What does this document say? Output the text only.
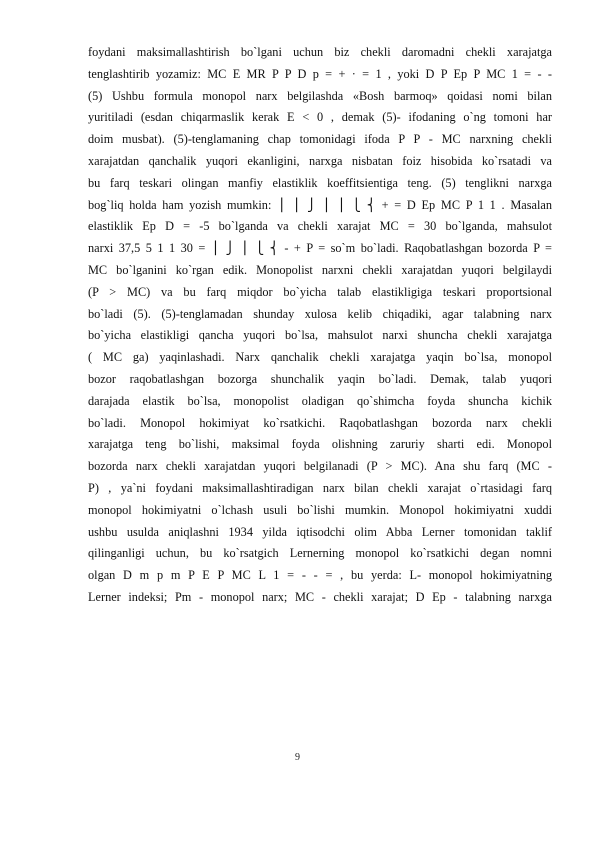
foydani maksimallashtirish bo`lgani uchun biz chekli daromadni chekli xarajatga
tenglashtirib yozamiz: MC E MR P P D p = + · = 1 , yoki D P Ep P MC 1 = - -
(5) Ushbu formula monopol narx belgilashda «Bosh barmoq» qoidasi nomi bilan
yuritiladi (esdan chiqarmaslik kerak E < 0 , demak (5)- ifodaning o`ng tomoni har
doim musbat). (5)-tenglamaning chap tomonidagi ifoda P P - MC narxning chekli
xarajatdan qanchalik yuqori ekanligini, narxga nisbatan foiz hisobida ko`rsatadi va
bu farq teskari olingan manfiy elastiklik koeffitsientiga teng. (5) tenglikni narxga
bog`liq holda ham yozish mumkin: ⎪ ⎪ ⎭ ⎪ ⎪ ⎩ ⎨ + = D Ep MC P 1 1 . Masalan
elastiklik Ep D = -5 bo`lganda va chekli xarajat MC = 30 bo`lganda, mahsulot
narxi 37,5 5 1 1 30 = ⎪ ⎭ ⎪ ⎩ ⎨ - + P = so`m bo`ladi. Raqobatlashgan bozorda P =
MC bo`lganini ko`rgan edik. Monopolist narxni chekli xarajatdan yuqori belgilaydi
(P > MC) va bu farq miqdor bo`yicha talab elastikligiga teskari proportsional
bo`ladi (5). (5)-tenglamadan shunday xulosa kelib chiqadiki, agar talabning narx
bo`yicha elastikligi qancha yuqori bo`lsa, mahsulot narxi shuncha chekli xarajatga
( MC ga) yaqinlashadi. Narx qanchalik chekli xarajatga yaqin bo`lsa, monopol
bozor raqobatlashgan bozorga shunchalik yaqin bo`ladi. Demak, talab yuqori
darajada elastik bo`lsa, monopolist oladigan qo`shimcha foyda shuncha kichik
bo`ladi. Monopol hokimiyat ko`rsatkichi. Raqobatlashgan bozorda narx chekli
xarajatga teng bo`lishi, maksimal foyda olishning zaruriy sharti edi. Monopol
bozorda narx chekli xarajatdan yuqori belgilanadi (P > MC). Ana shu farq (MC -
P) , ya`ni foydani maksimallashtiradigan narx bilan chekli xarajat o`rtasidagi farq
monopol hokimiyatni o`lchash usuli bo`lishi mumkin. Monopol hokimiyatni xuddi
ushbu usulda aniqlashni 1934 yilda iqtisodchi olim Abba Lerner tomonidan taklif
qilinganligi uchun, bu ko`rsatgich Lernerning monopol ko`rsatkichi degan nomni
olgan D m p m P E P MC L 1 = - - = , bu yerda: L- monopol hokimiyatning
Lerner indeksi; Pm - monopol narx; MC - chekli xarajat; D Ep - talabning narxga
9
